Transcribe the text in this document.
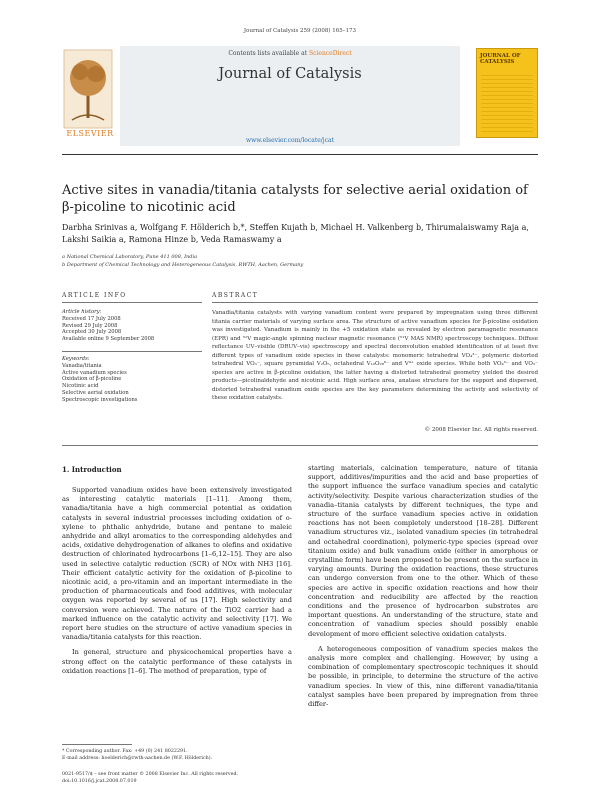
Journal of Catalysis 259 (2008) 165–173
ELSEVIER
Contents lists available at ScienceDirect
Journal of Catalysis
www.elsevier.com/locate/jcat
JOURNAL OF CATALYSIS
Active sites in vanadia/titania catalysts for selective aerial oxidation of β-picoline to nicotinic acid
Darbha Srinivas a, Wolfgang F. Hölderich b,*, Steffen Kujath b, Michael H. Valkenberg b, Thirumalaiswamy Raja a,
Lakshi Saikia a, Ramona Hinze b, Veda Ramaswamy a
a National Chemical Laboratory, Pune 411 008, India
b Department of Chemical Technology and Heterogeneous Catalysis, RWTH, Aachen, Germany
ARTICLE INFO	ABSTRACT
Article history:
Received 17 July 2008
Revised 29 July 2008
Accepted 30 July 2008
Available online 9 September 2008
Keywords:
Vanadia/titania
Active vanadium species
Oxidation of β-picoline
Nicotinic acid
Selective aerial oxidation
Spectroscopic investigations
Vanadia/titania catalysts with varying vanadium content were prepared by impregnation using three different titania carrier materials of varying surface area. The structure of active vanadium species for β-picoline oxidation was investigated. Vanadium is mainly in the +5 oxidation state as revealed by electron paramagnetic resonance (EPR) and ⁵¹V magic-angle spinning nuclear magnetic resonance (⁵¹V MAS NMR) spectroscopy techniques. Diffuse reflectance UV–visible (DRUV–vis) spectroscopy and spectral deconvolution enabled identification of at least five different types of vanadium oxide species in these catalysts: monomeric tetrahedral VO₄³⁻, polymeric distorted tetrahedral VO₃⁻, square pyramidal V₂O₅, octahedral V₁₀O₂₈⁶⁻ and V⁴⁺ oxide species. While both VO₄³⁻ and VO₃⁻ species are active in β-picoline oxidation, the latter having a distorted tetrahedral geometry yielded the desired products—picolinaldehyde and nicotinic acid. High surface area, anatase structure for the support and dispersed, distorted tetrahedral vanadium oxide species are the key parameters determining the activity and selectivity of these oxidation catalysts.
© 2008 Elsevier Inc. All rights reserved.
1. Introduction

Supported vanadium oxides have been extensively investigated as interesting catalytic materials [1–11]. Among them, vanadia/titania have a high commercial potential as oxidation catalysts in several industrial processes including oxidation of o-xylene to phthalic anhydride, butane and pentane to maleic anhydride and alkyl aromatics to the corresponding aldehydes and acids, oxidative dehydrogenation of alkanes to olefins and oxidative destruction of chlorinated hydrocarbons [1–6,12–15]. They are also used in selective catalytic reduction (SCR) of NOx with NH3 [16]. Their efficient catalytic activity for the oxidation of β-picoline to nicotinic acid, a pro-vitamin and an important intermediate in the production of pharmaceuticals and food additives, with molecular oxygen was reported by several of us [17]. High selectivity and conversion were achieved. The nature of the TiO2 carrier had a marked influence on the catalytic activity and selectivity [17]. We report here studies on the structure of active vanadium species in vanadia/titania catalysts for this reaction.

In general, structure and physicochemical properties have a strong effect on the catalytic performance of these catalysts in oxidation reactions [1–6]. The method of preparation, type of

starting materials, calcination temperature, nature of titania support, additives/impurities and the acid and base properties of the support influence the surface vanadium species and catalytic activity/selectivity. Despite various characterization studies of the vanadia–titania catalysts by different techniques, the type and structure of the surface vanadium species active in oxidation reactions has not been completely understood [18–28]. Different vanadium structures viz., isolated vanadium species (in tetrahedral and octahedral coordination), polymeric-type species (spread over titanium oxide) and bulk vanadium oxide (either in amorphous or crystalline form) have been proposed to be present on the surface in varying amounts. During the oxidation reactions, these structures can undergo conversion from one to the other. Which of these species are active in specific oxidation reactions and how their concentration and reducibility are affected by the reaction conditions and the presence of hydrocarbon substrates are important questions. An understanding of the structure, state and concentration of vanadium species should possibly enable development of more efficient selective oxidation catalysts.

A heterogeneous composition of vanadium species makes the analysis more complex and challenging. However, by using a combination of complementary spectroscopic techniques it should be possible, in principle, to determine the structure of the active vanadium species. In view of this, nine different vanadia/titania catalyst samples have been prepared by impregnation from three differ-

* Corresponding author. Fax: +49 (0) 241 8022291.
E-mail address: hoelderich@rwth-aachen.de (W.F. Hölderich).
0021-9517/$ – see front matter © 2008 Elsevier Inc. All rights reserved.
doi:10.1016/j.jcat.2008.07.019
